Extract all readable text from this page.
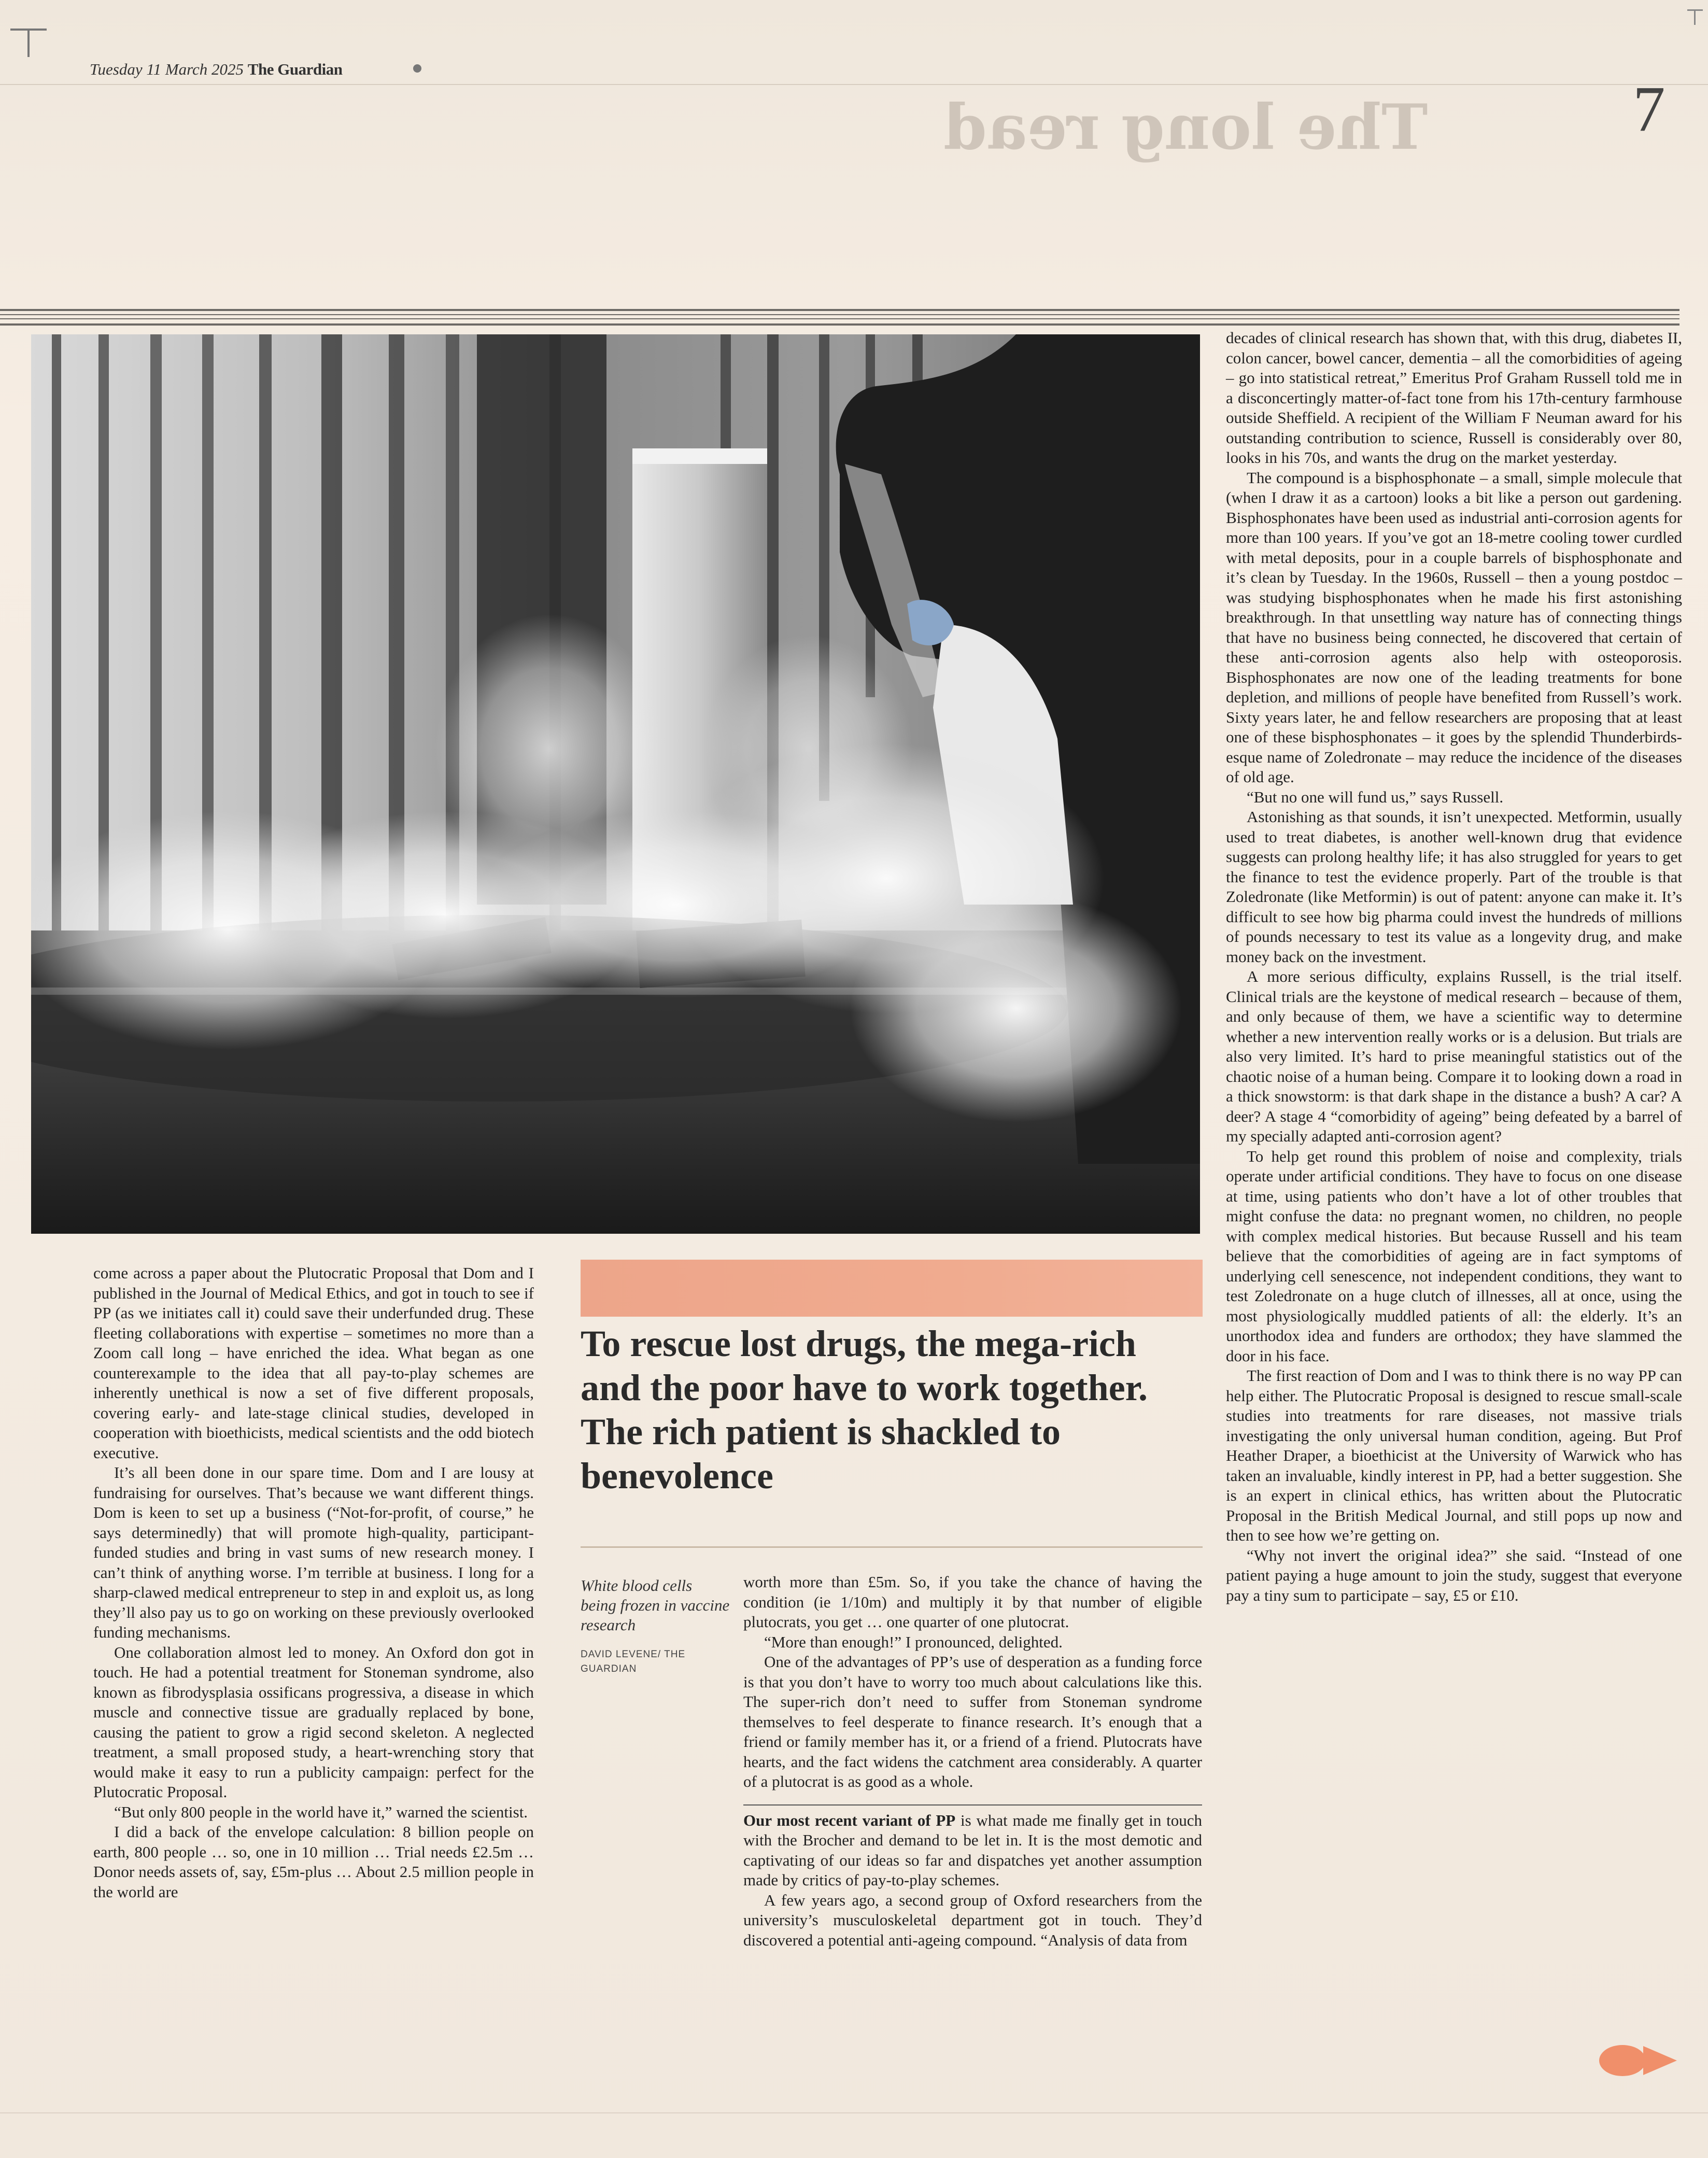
Tuesday 11 March 2025 The Guardian
The long read	7

come across a paper about the Plutocratic Proposal that Dom and I published in the Journal of Medical Ethics, and got in touch to see if PP (as we initiates call it) could save their underfunded drug. These fleeting collaborations with expertise – sometimes no more than a Zoom call long – have enriched the idea. What began as one counterexample to the idea that all pay-to-play schemes are inherently unethical is now a set of five different proposals, covering early- and late-stage clinical studies, developed in cooperation with bioethicists, medical scientists and the odd biotech executive.

It’s all been done in our spare time. Dom and I are lousy at fundraising for ourselves. That’s because we want different things. Dom is keen to set up a business (“Not-for-profit, of course,” he says determinedly) that will promote high-quality, participant-funded studies and bring in vast sums of new research money. I can’t think of anything worse. I’m terrible at business. I long for a sharp-clawed medical entrepreneur to step in and exploit us, as long they’ll also pay us to go on working on these previously overlooked funding mechanisms.

One collaboration almost led to money. An Oxford don got in touch. He had a potential treatment for Stoneman syndrome, also known as fibrodysplasia ossificans progressiva, a disease in which muscle and connective tissue are gradually replaced by bone, causing the patient to grow a rigid second skeleton. A neglected treatment, a small proposed study, a heart-wrenching story that would make it easy to run a publicity campaign: perfect for the Plutocratic Proposal.

“But only 800 people in the world have it,” warned the scientist.

I did a back of the envelope calculation: 8 billion people on earth, 800 people … so, one in 10 million … Trial needs £2.5m … Donor needs assets of, say, £5m-plus … About 2.5 million people in the world are

To rescue lost drugs, the mega-rich and the poor have to work together. The rich patient is shackled to benevolence
White blood cells being frozen in vaccine research
DAVID LEVENE/ THE GUARDIAN

worth more than £5m. So, if you take the chance of having the condition (ie 1/10m) and multiply it by that number of eligible plutocrats, you get … one quarter of one plutocrat.

“More than enough!” I pronounced, delighted.

One of the advantages of PP’s use of desperation as a funding force is that you don’t have to worry too much about calculations like this. The super-rich don’t need to suffer from Stoneman syndrome themselves to feel desperate to finance research. It’s enough that a friend or family member has it, or a friend of a friend. Plutocrats have hearts, and the fact widens the catchment area considerably. A quarter of a plutocrat is as good as a whole.

Our most recent variant of PP is what made me finally get in touch with the Brocher and demand to be let in. It is the most demotic and captivating of our ideas so far and dispatches yet another assumption made by critics of pay-to-play schemes.

A few years ago, a second group of Oxford researchers from the university’s musculoskeletal department got in touch. They’d discovered a potential anti-ageing compound. “Analysis of data from

decades of clinical research has shown that, with this drug, diabetes II, colon cancer, bowel cancer, dementia – all the comorbidities of ageing – go into statistical retreat,” Emeritus Prof Graham Russell told me in a disconcertingly matter-of-fact tone from his 17th-century farmhouse outside Sheffield. A recipient of the William F Neuman award for his outstanding contribution to science, Russell is considerably over 80, looks in his 70s, and wants the drug on the market yesterday.

The compound is a bisphosphonate – a small, simple molecule that (when I draw it as a cartoon) looks a bit like a person out gardening. Bisphosphonates have been used as industrial anti-corrosion agents for more than 100 years. If you’ve got an 18-metre cooling tower curdled with metal deposits, pour in a couple barrels of bisphosphonate and it’s clean by Tuesday. In the 1960s, Russell – then a young postdoc – was studying bisphosphonates when he made his first astonishing breakthrough. In that unsettling way nature has of connecting things that have no business being connected, he discovered that certain of these anti-corrosion agents also help with osteoporosis. Bisphosphonates are now one of the leading treatments for bone depletion, and millions of people have benefited from Russell’s work. Sixty years later, he and fellow researchers are proposing that at least one of these bisphosphonates – it goes by the splendid Thunderbirds-esque name of Zoledronate – may reduce the incidence of the diseases of old age.

“But no one will fund us,” says Russell.

Astonishing as that sounds, it isn’t unexpected. Metformin, usually used to treat diabetes, is another well-known drug that evidence suggests can prolong healthy life; it has also struggled for years to get the finance to test the evidence properly. Part of the trouble is that Zoledronate (like Metformin) is out of patent: anyone can make it. It’s difficult to see how big pharma could invest the hundreds of millions of pounds necessary to test its value as a longevity drug, and make money back on the investment.

A more serious difficulty, explains Russell, is the trial itself. Clinical trials are the keystone of medical research – because of them, and only because of them, we have a scientific way to determine whether a new intervention really works or is a delusion. But trials are also very limited. It’s hard to prise meaningful statistics out of the chaotic noise of a human being. Compare it to looking down a road in a thick snowstorm: is that dark shape in the distance a bush? A car? A deer? A stage 4 “comorbidity of ageing” being defeated by a barrel of my specially adapted anti-corrosion agent?

To help get round this problem of noise and complexity, trials operate under artificial conditions. They have to focus on one disease at time, using patients who don’t have a lot of other troubles that might confuse the data: no pregnant women, no children, no people with complex medical histories. But because Russell and his team believe that the comorbidities of ageing are in fact symptoms of underlying cell senescence, not independent conditions, they want to test Zoledronate on a huge clutch of illnesses, all at once, using the most physiologically muddled patients of all: the elderly. It’s an unorthodox idea and funders are orthodox; they have slammed the door in his face.

The first reaction of Dom and I was to think there is no way PP can help either. The Plutocratic Proposal is designed to rescue small-scale studies into treatments for rare diseases, not massive trials investigating the only universal human condition, ageing. But Prof Heather Draper, a bioethicist at the University of Warwick who has taken an invaluable, kindly interest in PP, had a better suggestion. She is an expert in clinical ethics, has written about the Plutocratic Proposal in the British Medical Journal, and still pops up now and then to see how we’re getting on.

“Why not invert the original idea?” she said. “Instead of one patient paying a huge amount to join the study, suggest that everyone pay a tiny sum to participate – say, £5 or £10.
